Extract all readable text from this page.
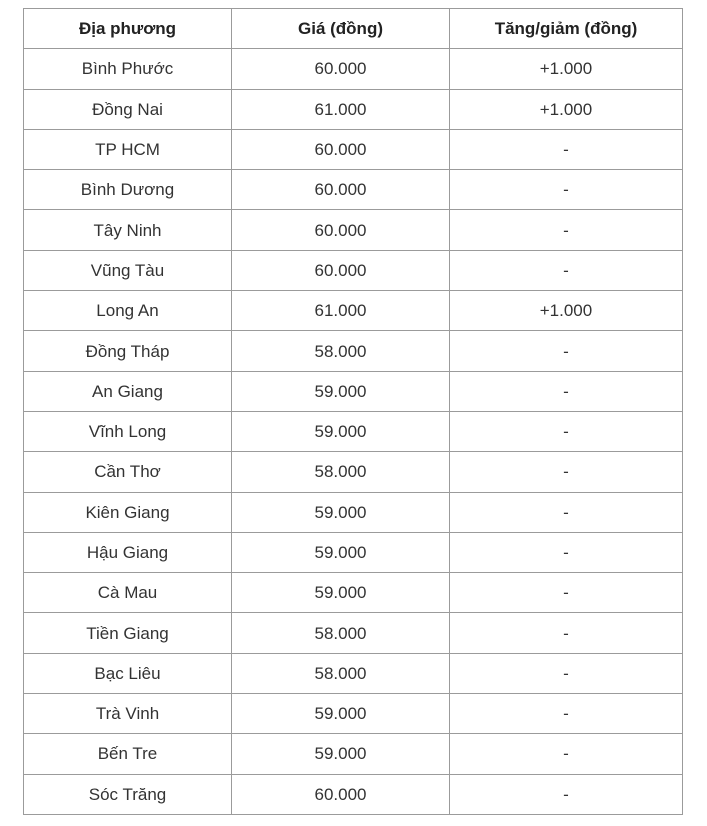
Địa phương	Giá (đồng)	Tăng/giảm (đồng)
Bình Phước	60.000	+1.000
Đồng Nai	61.000	+1.000
TP HCM	60.000	-
Bình Dương	60.000	-
Tây Ninh	60.000	-
Vũng Tàu	60.000	-
Long An	61.000	+1.000
Đồng Tháp	58.000	-
An Giang	59.000	-
Vĩnh Long	59.000	-
Cần Thơ	58.000	-
Kiên Giang	59.000	-
Hậu Giang	59.000	-
Cà Mau	59.000	-
Tiền Giang	58.000	-
Bạc Liêu	58.000	-
Trà Vinh	59.000	-
Bến Tre	59.000	-
Sóc Trăng	60.000	-
